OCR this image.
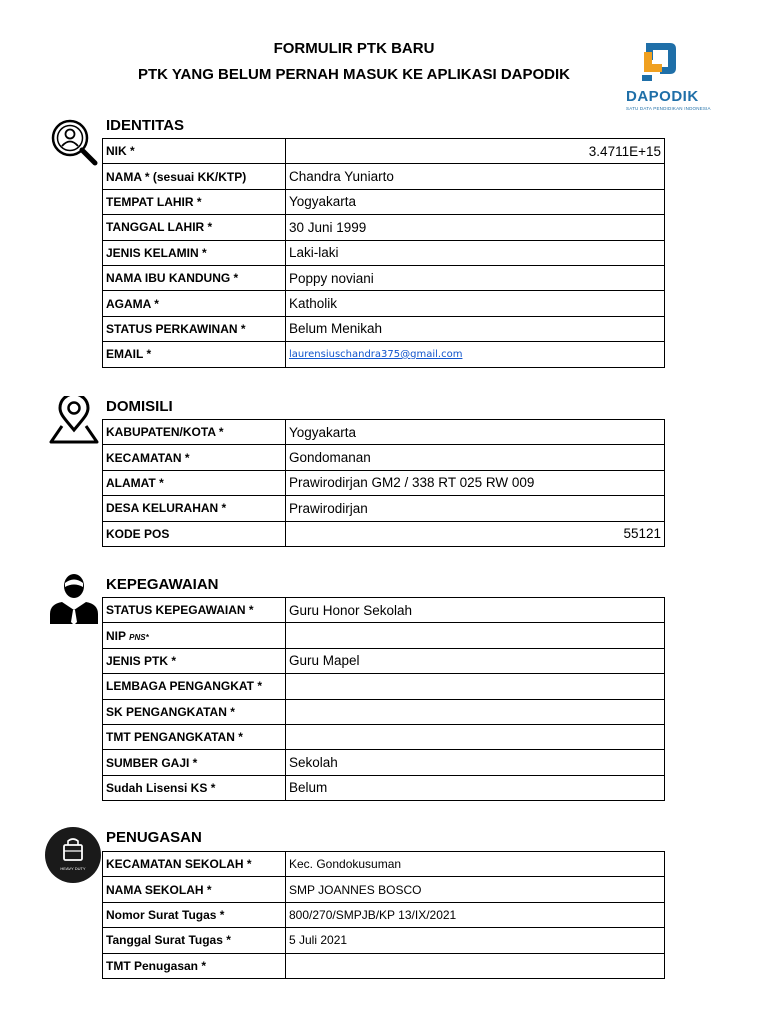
FORMULIR PTK BARU
PTK YANG BELUM PERNAH MASUK KE APLIKASI DAPODIK
DAPODIK
SATU DATA PENDIDIKAN INDONESIA
IDENTITAS
NIK *	3.4711E+15
NAMA * (sesuai KK/KTP)	Chandra Yuniarto
TEMPAT LAHIR *	Yogyakarta
TANGGAL LAHIR *	30 Juni 1999
JENIS KELAMIN *	Laki-laki
NAMA IBU KANDUNG *	Poppy noviani
AGAMA *	Katholik
STATUS PERKAWINAN *	Belum Menikah
EMAIL *	laurensiuschandra375@gmail.com
DOMISILI
KABUPATEN/KOTA *	Yogyakarta
KECAMATAN *	Gondomanan
ALAMAT *	Prawirodirjan GM2 / 338 RT 025 RW 009
DESA KELURAHAN *	Prawirodirjan
KODE POS	55121
KEPEGAWAIAN
STATUS KEPEGAWAIAN *	Guru Honor Sekolah
NIP PNS*	
JENIS PTK *	Guru Mapel
LEMBAGA PENGANGKAT *	
SK PENGANGKATAN *	
TMT PENGANGKATAN *	
SUMBER GAJI *	Sekolah
Sudah Lisensi KS *	Belum
HEAVY DUTY
PENUGASAN
KECAMATAN SEKOLAH *	Kec. Gondokusuman
NAMA SEKOLAH *	SMP JOANNES BOSCO
Nomor Surat Tugas *	800/270/SMPJB/KP 13/IX/2021
Tanggal Surat Tugas *	5 Juli 2021
TMT Penugasan *	
